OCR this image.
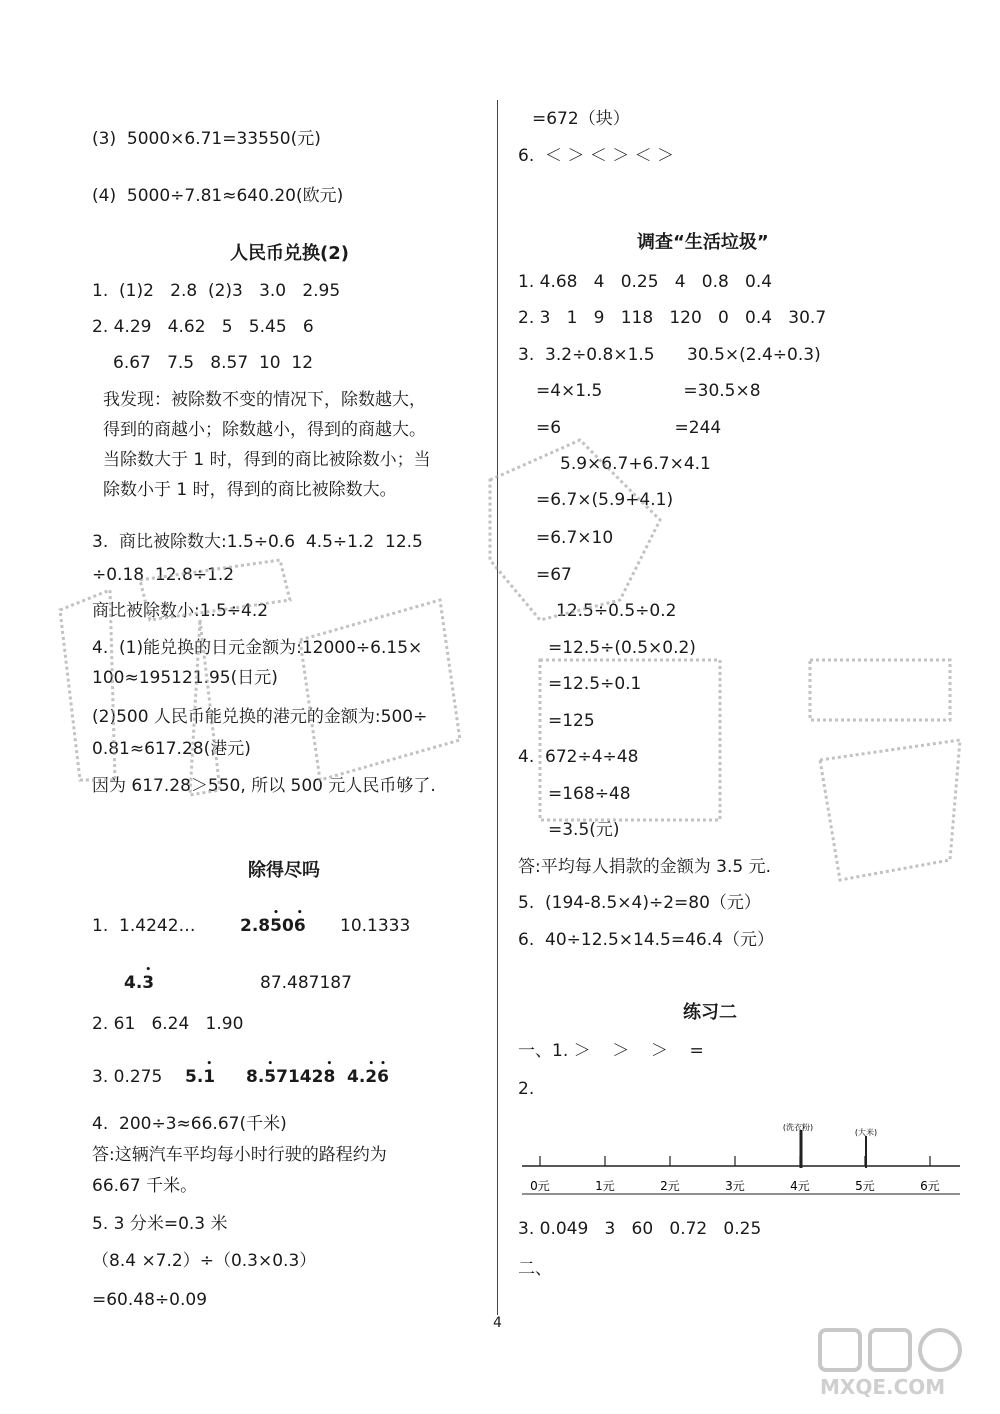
(3)  5000×6.71=33550(元)
(4)  5000÷7.81≈640.20(欧元)
人民币兑换(2)
1.  (1)2   2.8  (2)3   3.0   2.95
2. 4.29   4.62   5   5.45   6
6.67   7.5   8.57  10  12
我发现：被除数不变的情况下，除数越大，
得到的商越小；除数越小，得到的商越大。
当除数大于 1 时，得到的商比被除数小；当
除数小于 1 时，得到的商比被除数大。
3.  商比被除数大:1.5÷0.6  4.5÷1.2  12.5
÷0.18  12.8÷1.2
商比被除数小:1.5÷4.2
4.  (1)能兑换的日元金额为:12000÷6.15×
100≈195121.95(日元)
(2)500 人民币能兑换的港元的金额为:500÷
0.81≈617.28(港元)
因为 617.28＞550, 所以 500 元人民币够了.
除得尽吗
1.  1.4242…	2.85 •06 • 10.1333
4.3 •	87.487187
2. 61   6.24   1.90
3. 0.275 5.1 • 8.5 •71428 • 4.2 •6 •
4.  200÷3≈66.67(千米)
答:这辆汽车平均每小时行驶的路程约为
66.67 千米。
5. 3 分米=0.3 米
（8.4 ×7.2）÷（0.3×0.3）
=60.48÷0.09
=672（块）
6.  ＜ ＞ ＜ ＞ ＜ ＞
调查“生活垃圾”
1. 4.68   4   0.25   4   0.8   0.4
2. 3   1   9   118   120   0   0.4   30.7
3.  3.2÷0.8×1.5      30.5×(2.4÷0.3)
=4×1.5               =30.5×8
=6                     =244
5.9×6.7+6.7×4.1
=6.7×(5.9+4.1)
=6.7×10
=67
12.5÷0.5÷0.2
=12.5÷(0.5×0.2)
=12.5÷0.1
=125
4.  672÷4÷48
=168÷48
=3.5(元)
答:平均每人捐款的金额为 3.5 元.
5.  (194-8.5×4)÷2=80（元）
6.  40÷12.5×14.5=46.4（元）
练习二
一、1. ＞    ＞    ＞    =
2.
0元	1元	2元	3元	4元	5元	6元
(洗衣粉)
(大米)
3. 0.049   3   60   0.72   0.25
二、
4
MXQE.COM
